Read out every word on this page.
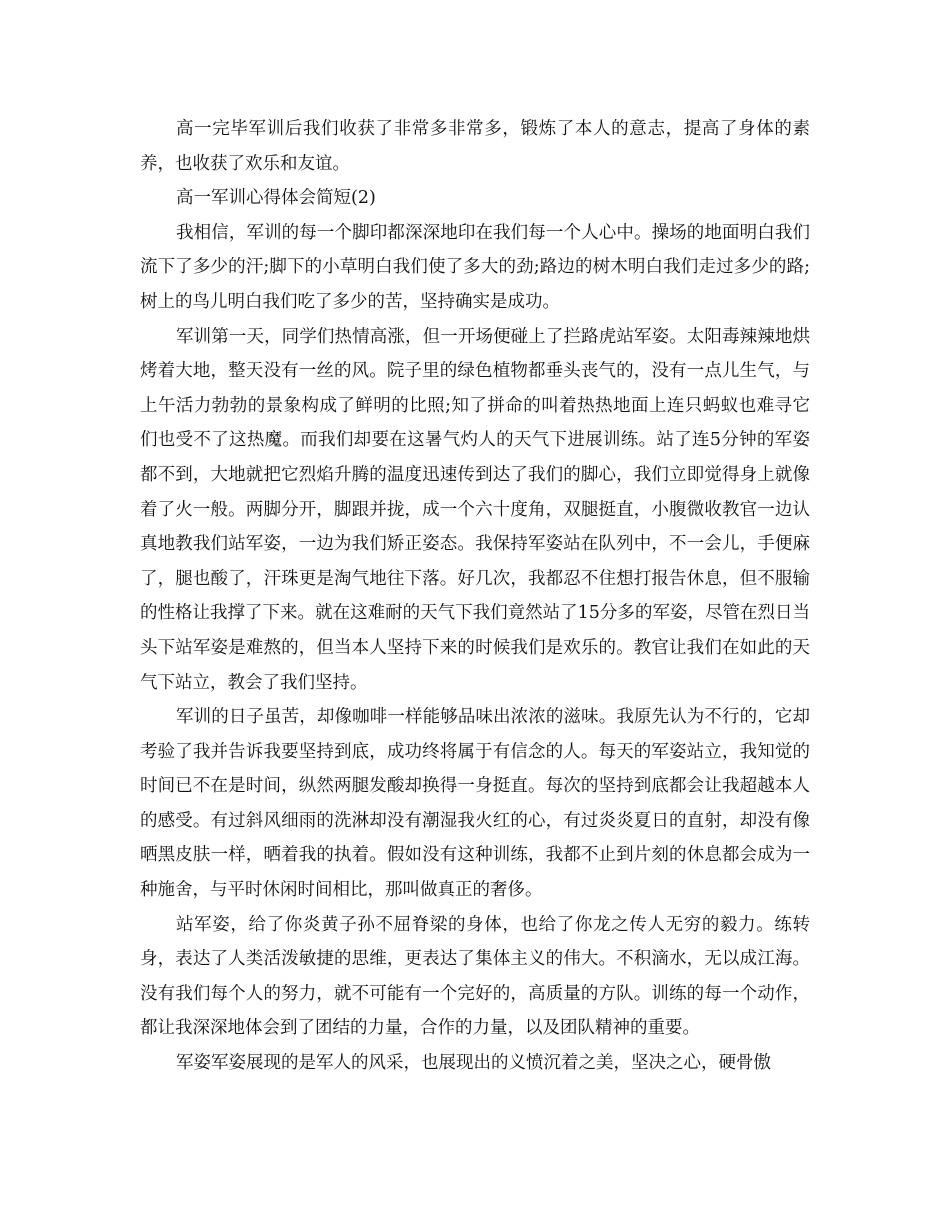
高一完毕军训后我们收获了非常多非常多，锻炼了本人的意志，提高了身体的素养，也收获了欢乐和友谊。

高一军训心得体会简短(2)

我相信，军训的每一个脚印都深深地印在我们每一个人心中。操场的地面明白我们流下了多少的汗;脚下的小草明白我们使了多大的劲;路边的树木明白我们走过多少的路;树上的鸟儿明白我们吃了多少的苦，坚持确实是成功。

军训第一天，同学们热情高涨，但一开场便碰上了拦路虎站军姿。太阳毒辣辣地烘烤着大地，整天没有一丝的风。院子里的绿色植物都垂头丧气的，没有一点儿生气，与上午活力勃勃的景象构成了鲜明的比照;知了拼命的叫着热热地面上连只蚂蚁也难寻它们也受不了这热魔。而我们却要在这暑气灼人的天气下进展训练。站了连5分钟的军姿都不到，大地就把它烈焰升腾的温度迅速传到达了我们的脚心，我们立即觉得身上就像着了火一般。两脚分开，脚跟并拢，成一个六十度角，双腿挺直，小腹微收教官一边认真地教我们站军姿，一边为我们矫正姿态。我保持军姿站在队列中，不一会儿，手便麻了，腿也酸了，汗珠更是淘气地往下落。好几次，我都忍不住想打报告休息，但不服输的性格让我撑了下来。就在这难耐的天气下我们竟然站了15分多的军姿，尽管在烈日当头下站军姿是难熬的，但当本人坚持下来的时候我们是欢乐的。教官让我们在如此的天气下站立，教会了我们坚持。

军训的日子虽苦，却像咖啡一样能够品味出浓浓的滋味。我原先认为不行的，它却考验了我并告诉我要坚持到底，成功终将属于有信念的人。每天的军姿站立，我知觉的时间已不在是时间，纵然两腿发酸却换得一身挺直。每次的坚持到底都会让我超越本人的感受。有过斜风细雨的洗淋却没有潮湿我火红的心，有过炎炎夏日的直射，却没有像晒黑皮肤一样，晒着我的执着。假如没有这种训练，我都不止到片刻的休息都会成为一种施舍，与平时休闲时间相比，那叫做真正的奢侈。

站军姿，给了你炎黄子孙不屈脊梁的身体，也给了你龙之传人无穷的毅力。练转身，表达了人类活泼敏捷的思维，更表达了集体主义的伟大。不积滴水，无以成江海。没有我们每个人的努力，就不可能有一个完好的，高质量的方队。训练的每一个动作，都让我深深地体会到了团结的力量，合作的力量，以及团队精神的重要。

军姿军姿展现的是军人的风采，也展现出的义愤沉着之美，坚决之心，硬骨傲
